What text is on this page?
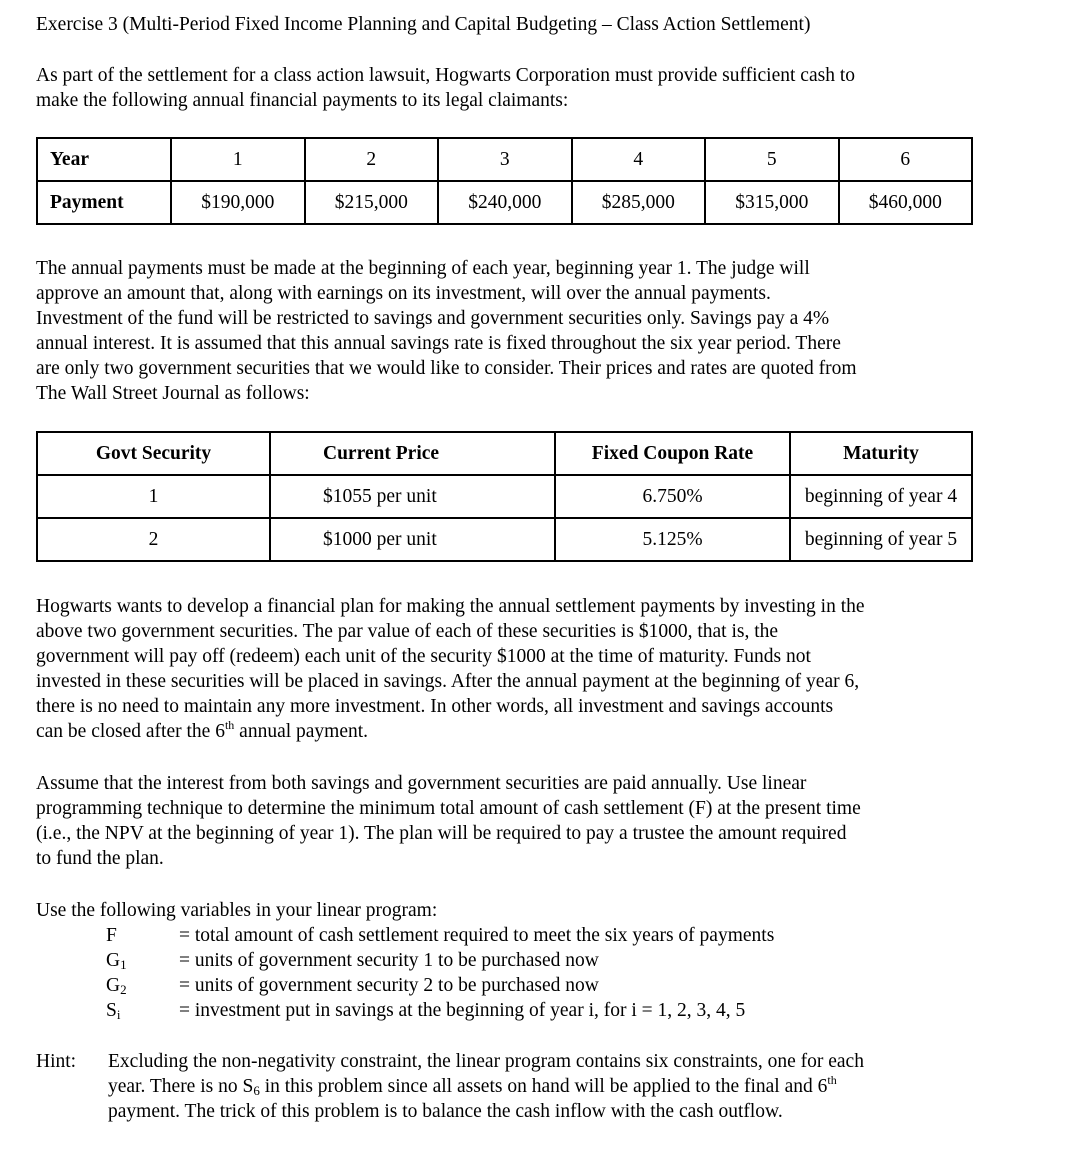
Exercise 3 (Multi-Period Fixed Income Planning and Capital Budgeting – Class Action Settlement)
As part of the settlement for a class action lawsuit, Hogwarts Corporation must provide sufficient cash to
make the following annual financial payments to its legal claimants:
Year	1	2	3	4	5	6
Payment	$190,000	$215,000	$240,000	$285,000	$315,000	$460,000
The annual payments must be made at the beginning of each year, beginning year 1. The judge will
approve an amount that, along with earnings on its investment, will over the annual payments.
Investment of the fund will be restricted to savings and government securities only. Savings pay a 4%
annual interest. It is assumed that this annual savings rate is fixed throughout the six year period. There
are only two government securities that we would like to consider. Their prices and rates are quoted from
The Wall Street Journal as follows:
Govt Security	Current Price	Fixed Coupon Rate	Maturity
1	$1055 per unit	6.750%	beginning of year 4
2	$1000 per unit	5.125%	beginning of year 5
Hogwarts wants to develop a financial plan for making the annual settlement payments by investing in the
above two government securities. The par value of each of these securities is $1000, that is, the
government will pay off (redeem) each unit of the security $1000 at the time of maturity. Funds not
invested in these securities will be placed in savings. After the annual payment at the beginning of year 6,
there is no need to maintain any more investment. In other words, all investment and savings accounts
can be closed after the 6th annual payment.
Assume that the interest from both savings and government securities are paid annually. Use linear
programming technique to determine the minimum total amount of cash settlement (F) at the present time
(i.e., the NPV at the beginning of year 1). The plan will be required to pay a trustee the amount required
to fund the plan.
Use the following variables in your linear program:
F	= total amount of cash settlement required to meet the six years of payments
$G_1$	= units of government security 1 to be purchased now
$G_2$	= units of government security 2 to be purchased now
$S_i$	= investment put in savings at the beginning of year i, for i = 1, 2, 3, 4, 5
Hint: Excluding the non-negativity constraint, the linear program contains six constraints, one for each
year. There is no $S_6$ in this problem since all assets on hand will be applied to the final and 6th
payment. The trick of this problem is to balance the cash inflow with the cash outflow.
